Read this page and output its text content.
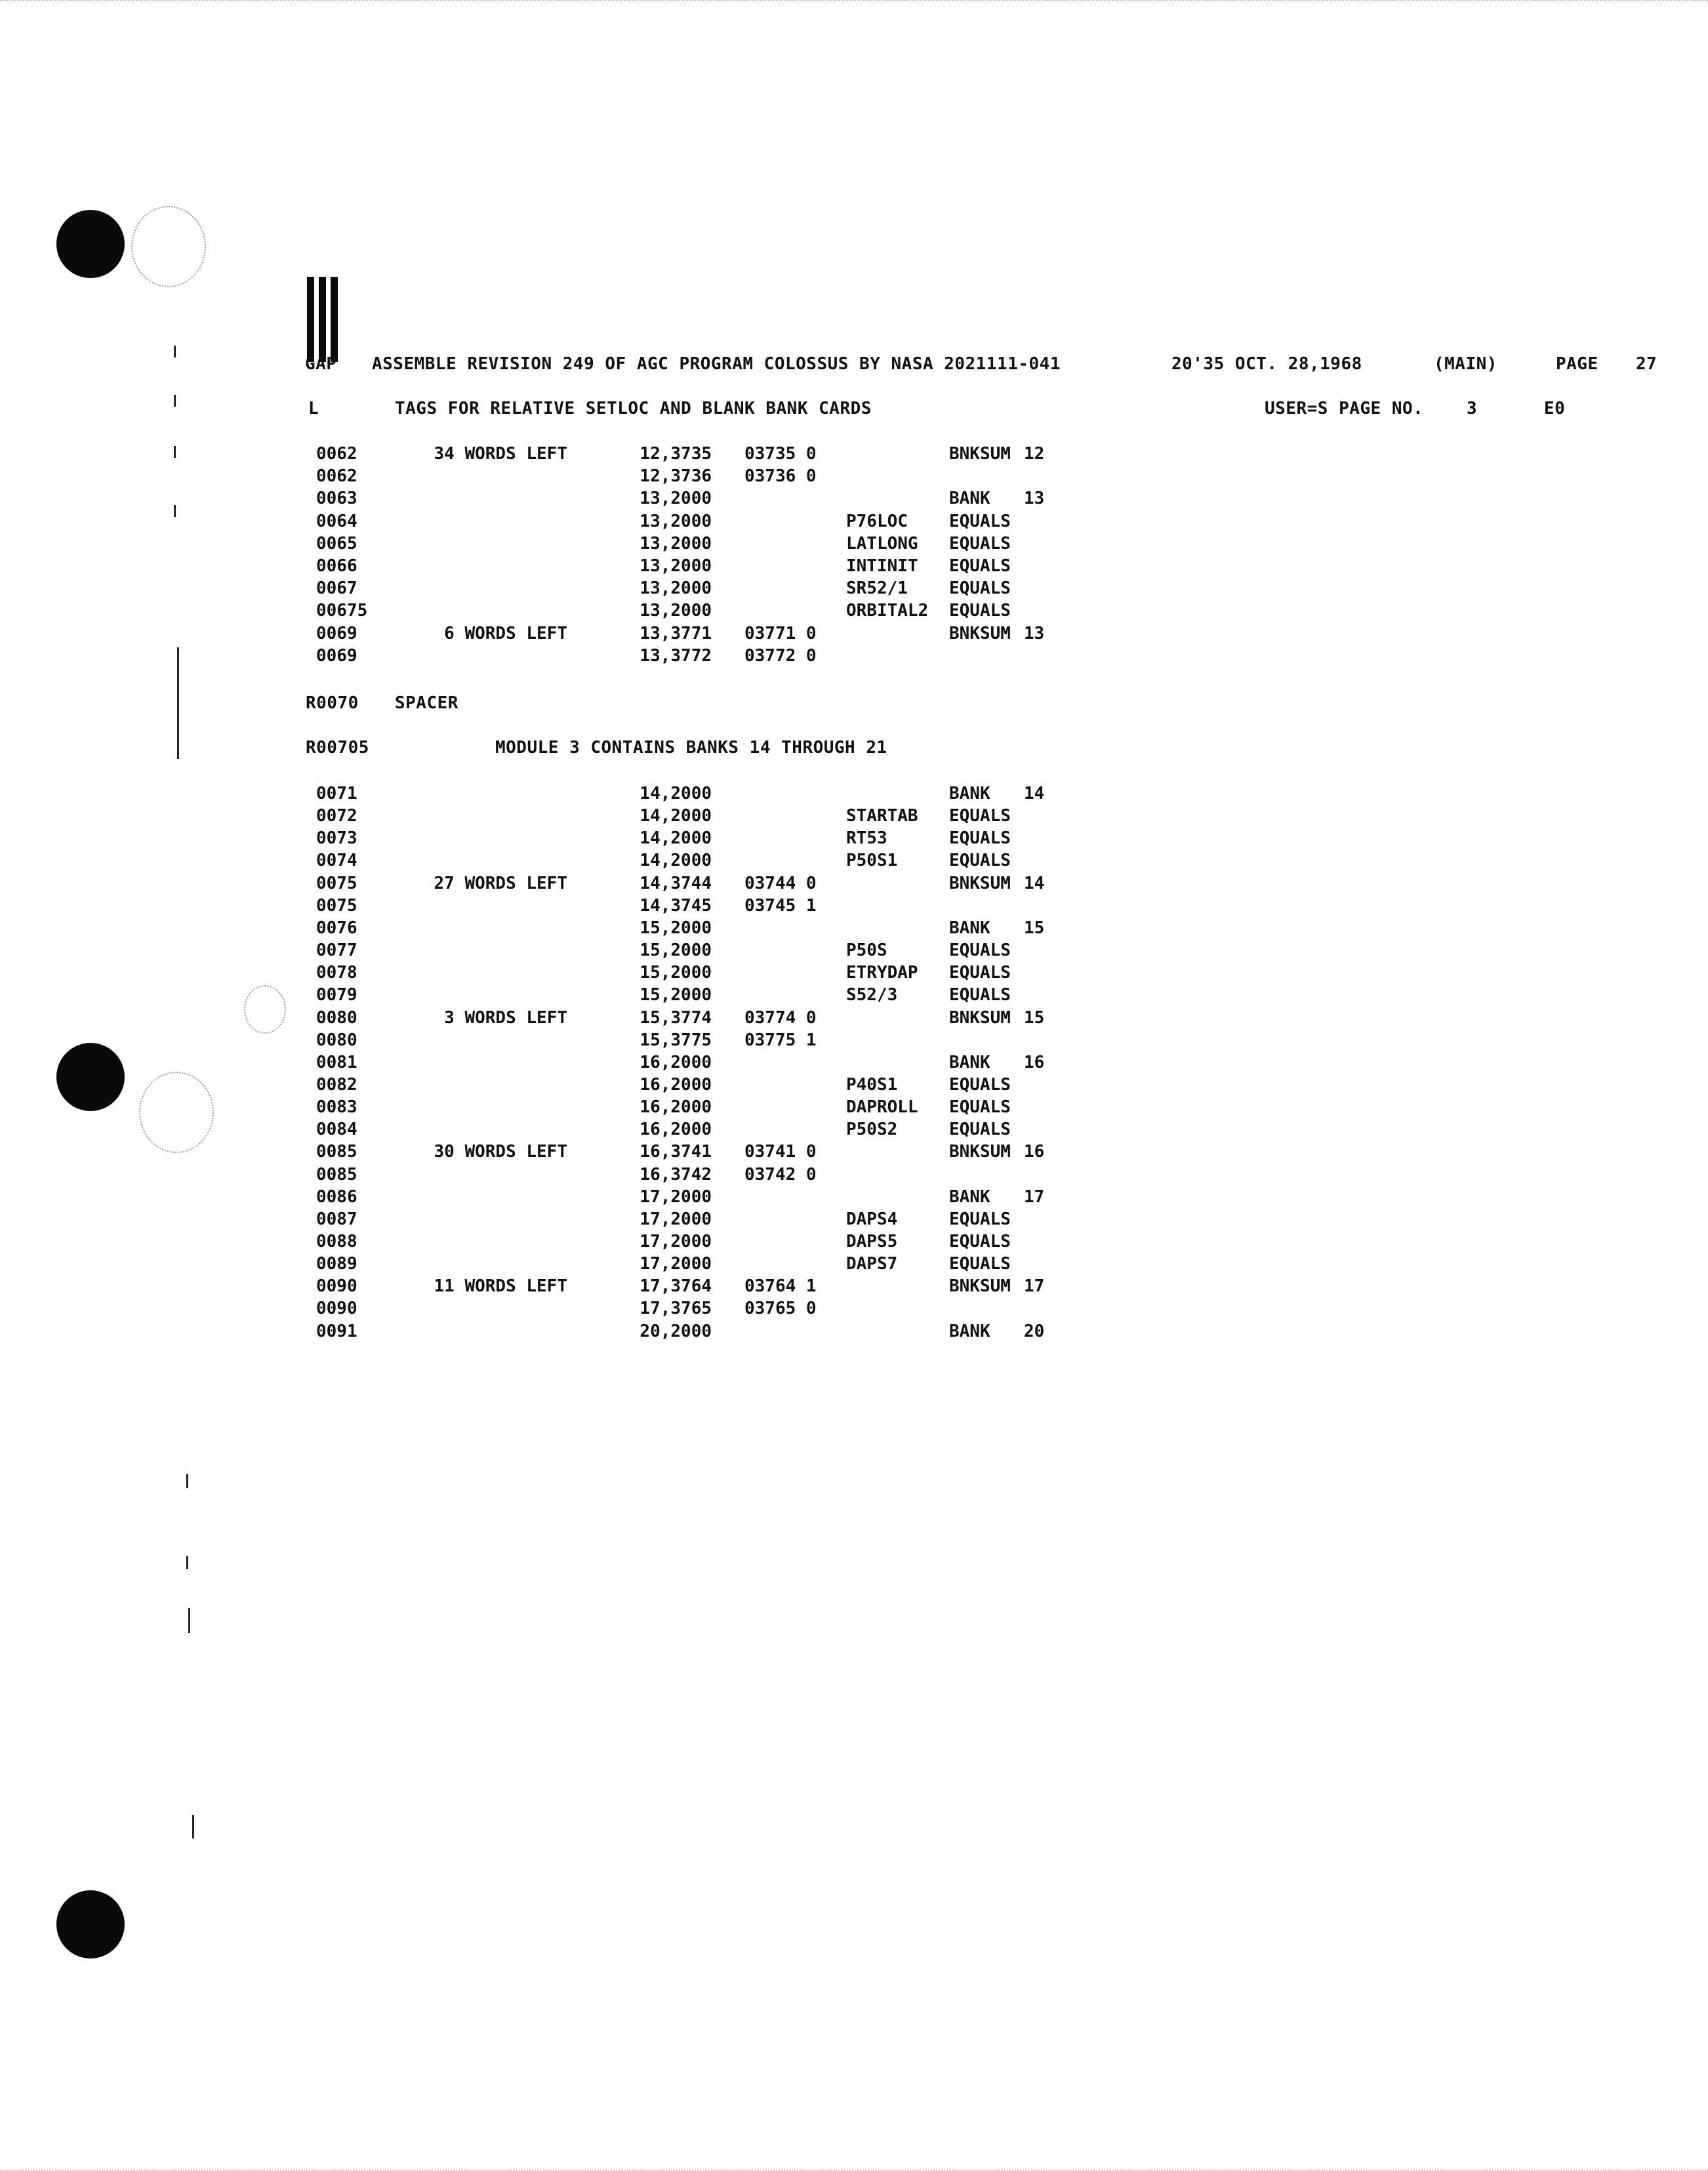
GAP ASSEMBLE REVISION 249 OF AGC PROGRAM COLOSSUS BY NASA 2021111-041	20'35 OCT. 28,1968	(MAIN)	PAGE 27
L	TAGS FOR RELATIVE SETLOC AND BLANK BANK CARDS	USER=S PAGE NO.	3	E0
0062	34 WORDS LEFT	12,3735 03735 0	BNKSUM 12
0062	12,3736 03736 0
0063	13,2000	BANK 13
0064	13,2000	P76LOC EQUALS
0065	13,2000	LATLONG EQUALS
0066	13,2000	INTINIT EQUALS
0067	13,2000	SR52/1 EQUALS
00675	13,2000	ORBITAL2 EQUALS
0069	6 WORDS LEFT	13,3771 03771 0	BNKSUM 13
0069	13,3772 03772 0
R0070 SPACER
R00705	MODULE 3 CONTAINS BANKS 14 THROUGH 21
0071	14,2000	BANK 14
0072	14,2000	STARTAB EQUALS
0073	14,2000	RT53	EQUALS
0074	14,2000	P50S1	EQUALS
0075	27 WORDS LEFT	14,3744 03744 0	BNKSUM 14
0075	14,3745 03745 1
0076	15,2000	BANK 15
0077	15,2000	P50S	EQUALS
0078	15,2000	ETRYDAP EQUALS
0079	15,2000	S52/3	EQUALS
0080	3 WORDS LEFT	15,3774 03774 0	BNKSUM 15
0080	15,3775 03775 1
0081	16,2000	BANK 16
0082	16,2000	P40S1	EQUALS
0083	16,2000	DAPROLL EQUALS
0084	16,2000	P50S2	EQUALS
0085	30 WORDS LEFT	16,3741 03741 0	BNKSUM 16
0085	16,3742 03742 0
0086	17,2000	BANK 17
0087	17,2000	DAPS4	EQUALS
0088	17,2000	DAPS5	EQUALS
0089	17,2000	DAPS7	EQUALS
0090	11 WORDS LEFT	17,3764 03764 1	BNKSUM 17
0090	17,3765 03765 0
0091	20,2000	BANK 20
